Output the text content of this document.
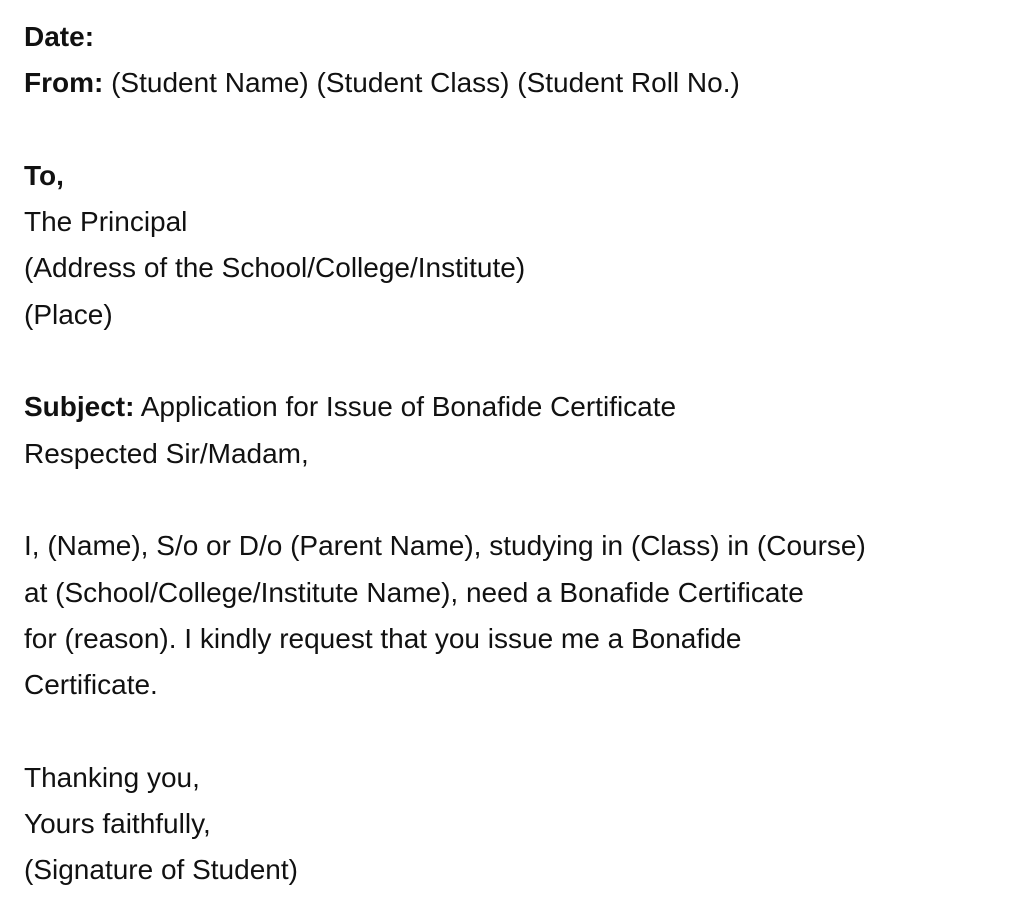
Date:
From: (Student Name) (Student Class) (Student Roll No.)
To,
The Principal
(Address of the School/College/Institute)
(Place)
Subject: Application for Issue of Bonafide Certificate
Respected Sir/Madam,
I, (Name), S/o or D/o (Parent Name), studying in (Class) in (Course)
at (School/College/Institute Name), need a Bonafide Certificate
for (reason). I kindly request that you issue me a Bonafide
Certificate.
Thanking you,
Yours faithfully,
(Signature of Student)
